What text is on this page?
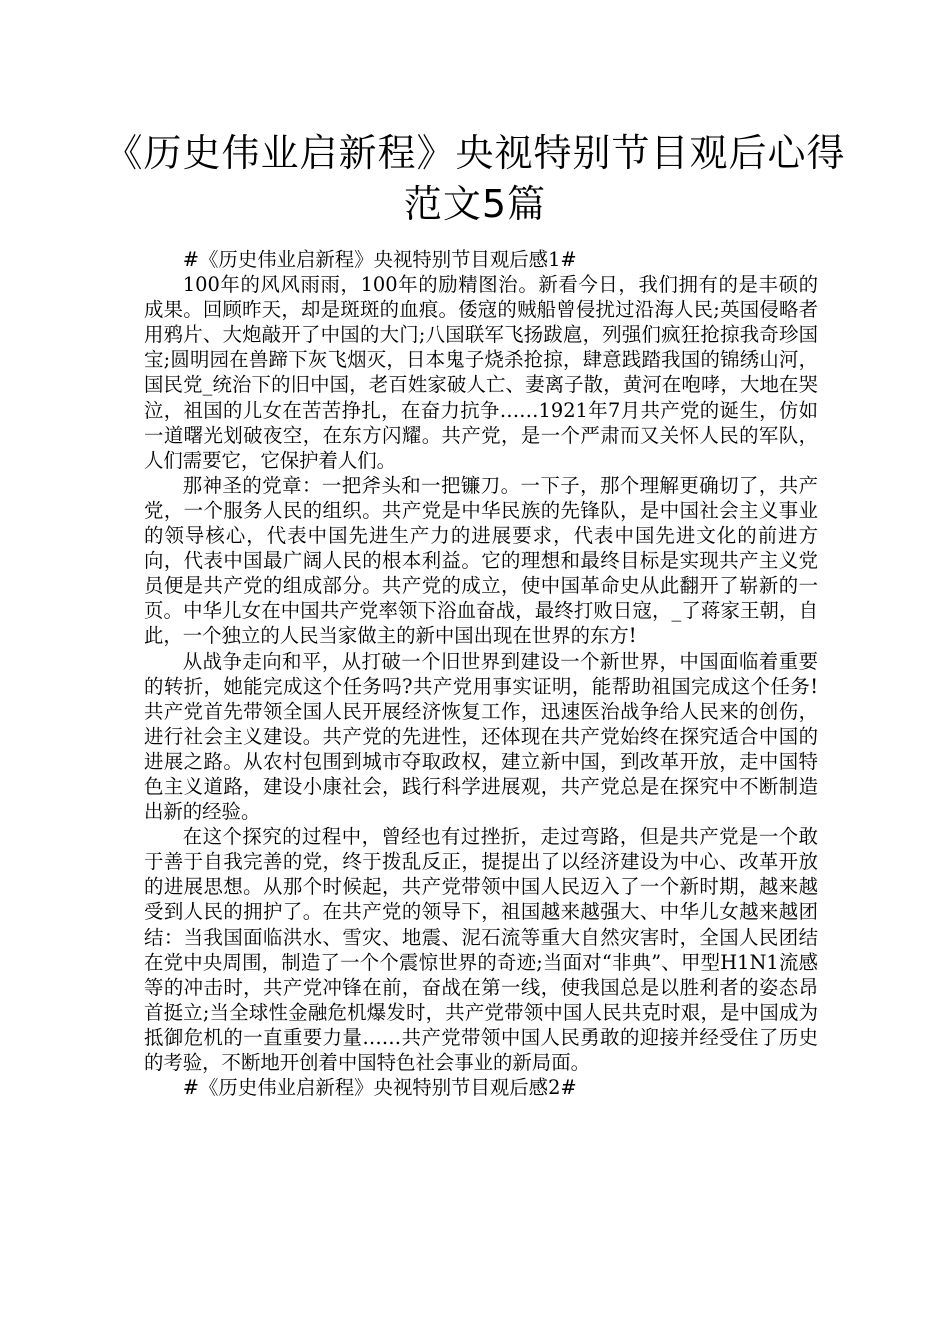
《历史伟业启新程》央视特别节目观后心得范文5篇

#《历史伟业启新程》央视特别节目观后感1#

100年的风风雨雨，100年的励精图治。新看今日，我们拥有的是丰硕的成果。回顾昨天，却是斑斑的血痕。倭寇的贼船曾侵扰过沿海人民;英国侵略者用鸦片、大炮敲开了中国的大门;八国联军飞扬跋扈，列强们疯狂抢掠我奇珍国宝;圆明园在兽蹄下灰飞烟灭，日本鬼子烧杀抢掠，肆意践踏我国的锦绣山河，国民党_统治下的旧中国，老百姓家破人亡、妻离子散，黄河在咆哮，大地在哭泣，祖国的儿女在苦苦挣扎，在奋力抗争……1921年7月共产党的诞生，仿如一道曙光划破夜空，在东方闪耀。共产党，是一个严肃而又关怀人民的军队，人们需要它，它保护着人们。

那神圣的党章：一把斧头和一把镰刀。一下子，那个理解更确切了，共产党，一个服务人民的组织。共产党是中华民族的先锋队，是中国社会主义事业的领导核心，代表中国先进生产力的进展要求，代表中国先进文化的前进方向，代表中国最广阔人民的根本利益。它的理想和最终目标是实现共产主义党员便是共产党的组成部分。共产党的成立，使中国革命史从此翻开了崭新的一页。中华儿女在中国共产党率领下浴血奋战，最终打败日寇，_了蒋家王朝，自此，一个独立的人民当家做主的新中国出现在世界的东方!

从战争走向和平，从打破一个旧世界到建设一个新世界，中国面临着重要的转折，她能完成这个任务吗?共产党用事实证明，能帮助祖国完成这个任务!共产党首先带领全国人民开展经济恢复工作，迅速医治战争给人民来的创伤，进行社会主义建设。共产党的先进性，还体现在共产党始终在探究适合中国的进展之路。从农村包围到城市夺取政权，建立新中国，到改革开放，走中国特色主义道路，建设小康社会，践行科学进展观，共产党总是在探究中不断制造出新的经验。

在这个探究的过程中，曾经也有过挫折，走过弯路，但是共产党是一个敢于善于自我完善的党，终于拨乱反正，提提出了以经济建设为中心、改革开放的进展思想。从那个时候起，共产党带领中国人民迈入了一个新时期，越来越受到人民的拥护了。在共产党的领导下，祖国越来越强大、中华儿女越来越团结：当我国面临洪水、雪灾、地震、泥石流等重大自然灾害时，全国人民团结在党中央周围，制造了一个个震惊世界的奇迹;当面对“非典”、甲型H1N1流感等的冲击时，共产党冲锋在前，奋战在第一线，使我国总是以胜利者的姿态昂首挺立;当全球性金融危机爆发时，共产党带领中国人民共克时艰，是中国成为抵御危机的一直重要力量……共产党带领中国人民勇敢的迎接并经受住了历史的考验，不断地开创着中国特色社会事业的新局面。

#《历史伟业启新程》央视特别节目观后感2#
